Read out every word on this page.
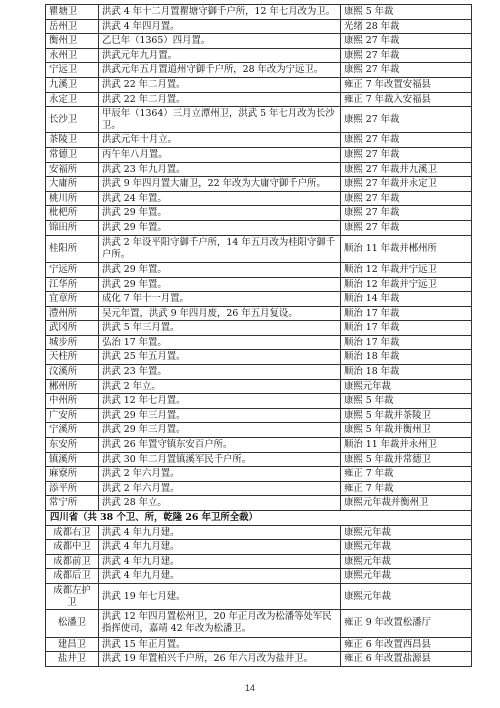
瞿塘卫	洪武 4 年十二月置瞿塘守御千户所，12 年七月改为卫。	康熙 5 年裁
岳州卫	洪武 4 年四月置。	光绪 28 年裁
衡州卫	乙巳年（1365）四月置。	康熙 27 年裁
永州卫	洪武元年九月置。	康熙 27 年裁
宁远卫	洪武元年五月置道州守御千户所，28 年改为宁远卫。	康熙 27 年裁
九溪卫	洪武 22 年二月置。	雍正 7 年改置安福县
永定卫	洪武 22 年二月置。	雍正 7 年裁入安福县
长沙卫	甲辰年（1364）三月立潭州卫，洪武 5 年七月改为长沙卫。	康熙 27 年裁
茶陵卫	洪武元年十月立。	康熙 27 年裁
常德卫	丙午年八月置。	康熙 27 年裁
安福所	洪武 23 年九月置。	康熙 27 年裁并九溪卫
大庸所	洪武 9 年四月置大庸卫，22 年改为大庸守御千户所。	康熙 27 年裁并永定卫
桃川所	洪武 24 年置。	康熙 27 年裁
枇杷所	洪武 29 年置。	康熙 27 年裁
锦田所	洪武 29 年置。	康熙 27 年裁
桂阳所	洪武 2 年设平阳守御千户所，14 年五月改为桂阳守御千户所。	顺治 11 年裁并郴州所
宁远所	洪武 29 年置。	顺治 12 年裁并宁远卫
江华所	洪武 29 年置。	顺治 12 年裁并宁远卫
宜章所	成化 7 年十一月置。	顺治 14 年裁
澧州所	吴元年置，洪武 9 年四月废，26 年五月复设。	顺治 17 年裁
武冈所	洪武 5 年三月置。	顺治 17 年裁
城步所	弘治 17 年置。	顺治 17 年裁
天柱所	洪武 25 年五月置。	顺治 18 年裁
汶溪所	洪武 23 年置。	顺治 18 年裁
郴州所	洪武 2 年立。	康熙元年裁
中州所	洪武 12 年七月置。	康熙 5 年裁
广安所	洪武 29 年三月置。	康熙 5 年裁并茶陵卫
宁溪所	洪武 29 年三月置。	康熙 5 年裁并衡州卫
东安所	洪武 26 年置守镇东安百户所。	顺治 11 年裁并永州卫
镇溪所	洪武 30 年二月置镇溪军民千户所。	康熙 5 年裁并常德卫
麻寮所	洪武 2 年六月置。	雍正 7 年裁
添平所	洪武 2 年六月置。	雍正 7 年裁
常宁所	洪武 28 年立。	康熙元年裁并衡州卫
四川省（共 38 个卫、所，乾隆 26 年卫所全裁）		
成都右卫	洪武 4 年九月建。	康熙元年裁
成都中卫	洪武 4 年九月建。	康熙元年裁
成都前卫	洪武 4 年九月建。	康熙元年裁
成都后卫	洪武 4 年九月建。	康熙元年裁
成都左护卫	洪武 19 年七月建。	康熙元年裁
松潘卫	洪武 12 年四月置松州卫，20 年正月改为松潘等处军民指挥使司，嘉靖 42 年改为松潘卫。	雍正 9 年改置松潘厅
建昌卫	洪武 15 年正月置。	雍正 6 年改置西昌县
盐井卫	洪武 19 年置柏兴千户所，26 年六月改为盐井卫。	雍正 6 年改置盐源县
14
